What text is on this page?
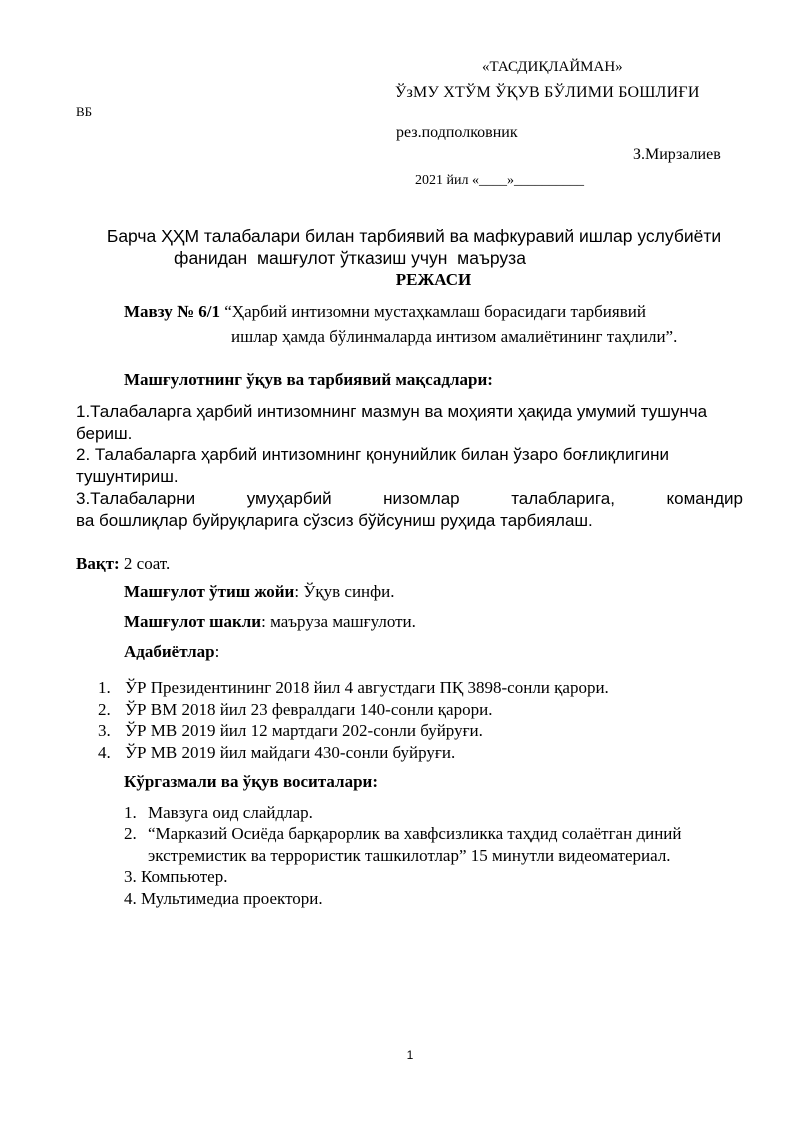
«ТАСДИҚЛАЙМАН»
ЎзМУ ХТЎМ ЎҚУВ БЎЛИМИ БОШЛИҒИ
ВБ
рез.подполковник
З.Мирзалиев
2021 йил «____»__________
Барча ҲҲМ талабалари билан тарбиявий ва мафкуравий ишлар услубиёти
фанидан  машғулот ўтказиш учун  маъруза
РЕЖАСИ
Мавзу № 6/1 “Ҳарбий интизомни мустаҳкамлаш борасидаги тарбиявий
ишлар ҳамда бўлинмаларда интизом амалиётининг таҳлили”.
Машғулотнинг ўқув ва тарбиявий мақсадлари:
1.Талабаларга ҳарбий интизомнинг мазмун ва моҳияти ҳақида умумий тушунча
бериш.
2. Талабаларга ҳарбий интизомнинг қонунийлик билан ўзаро боғлиқлигини
тушунтириш.
3.Талабаларни	умуҳарбий	низомлар	талабларига,	командир
ва бошлиқлар буйруқларига сўзсиз бўйсуниш руҳида тарбиялаш.
Вақт: 2 соат.
Машғулот ўтиш жойи: Ўқув синфи.
Машғулот шакли: маъруза машғулоти.
Адабиётлар:
1. ЎР Президентининг 2018 йил 4 августдаги ПҚ 3898-сонли қарори.
2. ЎР ВМ 2018 йил 23 февралдаги 140-сонли қарори.
3. ЎР МВ 2019 йил 12 мартдаги 202-сонли буйруғи.
4. ЎР МВ 2019 йил майдаги 430-сонли буйруғи.
Кўргазмали ва ўқув воситалари:
1. Мавзуга оид слайдлар.
2. “Марказий Осиёда барқарорлик ва хавфсизликка таҳдид солаётган диний
экстремистик ва террористик ташкилотлар” 15 минутли видеоматериал.
3. Компьютер.
4. Мультимедиа проектори.
1
